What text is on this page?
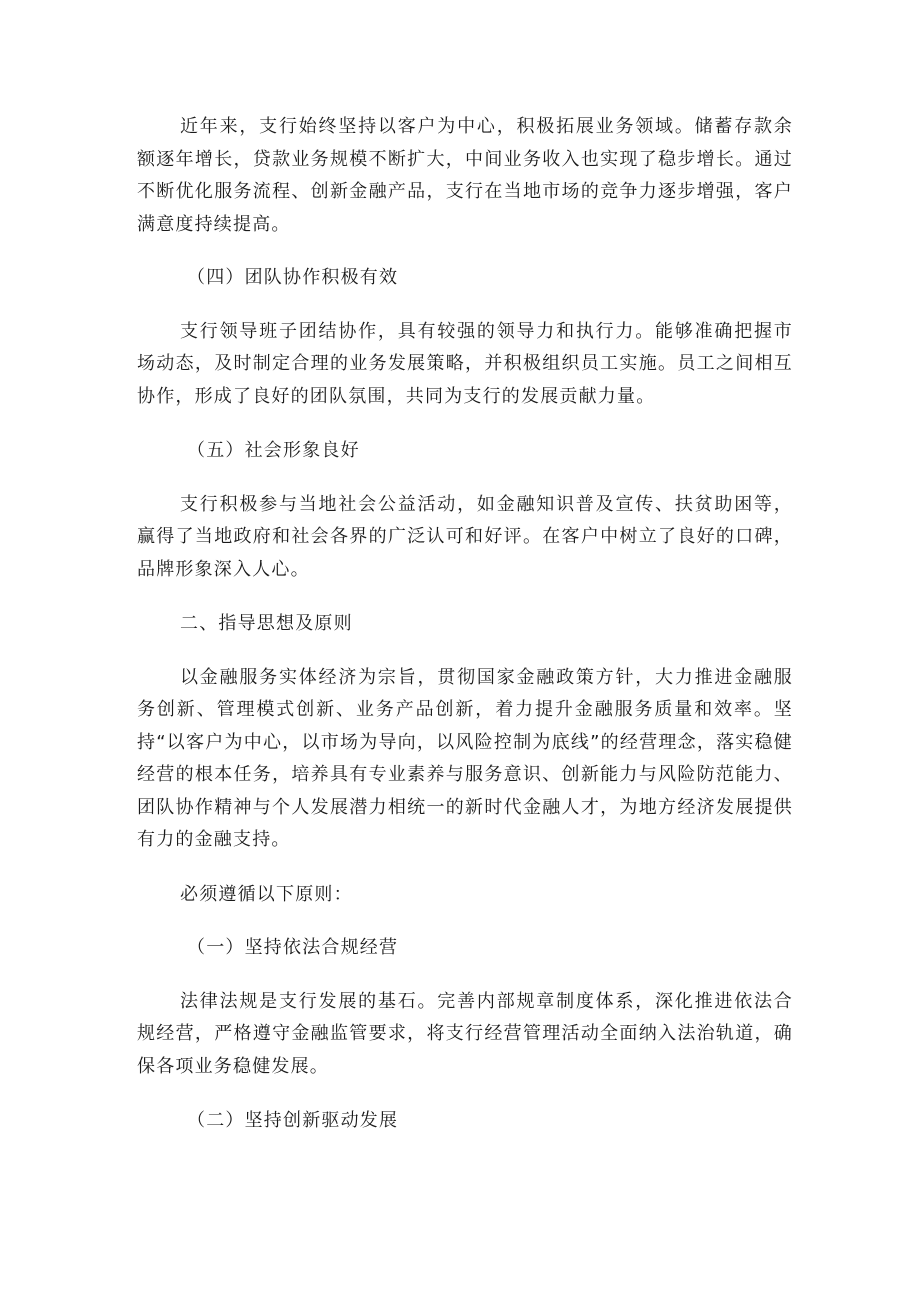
近年来，支行始终坚持以客户为中心，积极拓展业务领域。储蓄存款余额逐年增长，贷款业务规模不断扩大，中间业务收入也实现了稳步增长。通过不断优化服务流程、创新金融产品，支行在当地市场的竞争力逐步增强，客户满意度持续提高。

（四）团队协作积极有效

支行领导班子团结协作，具有较强的领导力和执行力。能够准确把握市场动态，及时制定合理的业务发展策略，并积极组织员工实施。员工之间相互协作，形成了良好的团队氛围，共同为支行的发展贡献力量。

（五）社会形象良好

支行积极参与当地社会公益活动，如金融知识普及宣传、扶贫助困等，赢得了当地政府和社会各界的广泛认可和好评。在客户中树立了良好的口碑，品牌形象深入人心。

二、指导思想及原则

以金融服务实体经济为宗旨，贯彻国家金融政策方针，大力推进金融服务创新、管理模式创新、业务产品创新，着力提升金融服务质量和效率。坚持“以客户为中心，以市场为导向，以风险控制为底线”的经营理念，落实稳健经营的根本任务，培养具有专业素养与服务意识、创新能力与风险防范能力、团队协作精神与个人发展潜力相统一的新时代金融人才，为地方经济发展提供有力的金融支持。

必须遵循以下原则：

（一）坚持依法合规经营

法律法规是支行发展的基石。完善内部规章制度体系，深化推进依法合规经营，严格遵守金融监管要求，将支行经营管理活动全面纳入法治轨道，确保各项业务稳健发展。

（二）坚持创新驱动发展
